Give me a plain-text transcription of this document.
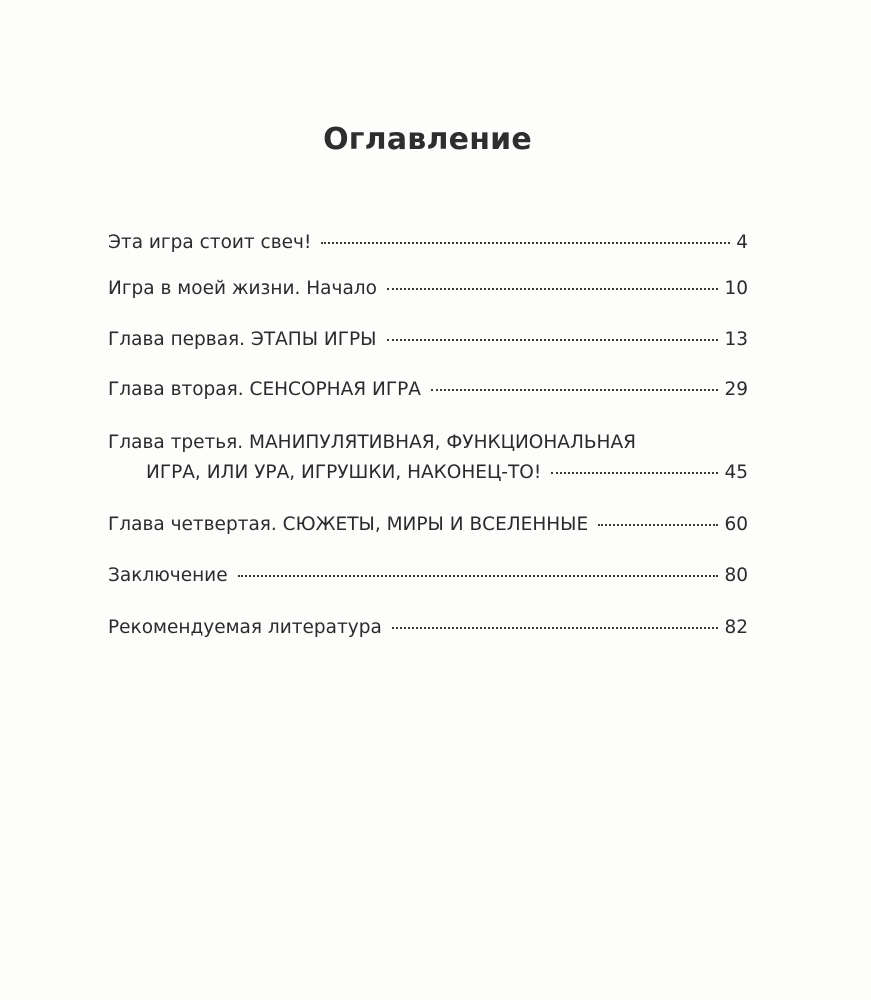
Оглавление
Эта игра стоит свеч!	4
Игра в моей жизни. Начало	10
Глава первая. ЭТАПЫ ИГРЫ	13
Глава вторая. СЕНСОРНАЯ ИГРА	29
Глава третья. МАНИПУЛЯТИВНАЯ, ФУНКЦИОНАЛЬНАЯ
ИГРА, ИЛИ УРА, ИГРУШКИ, НАКОНЕЦ-ТО!	45
Глава четвертая. СЮЖЕТЫ, МИРЫ И ВСЕЛЕННЫЕ	60
Заключение	80
Рекомендуемая литература	82
